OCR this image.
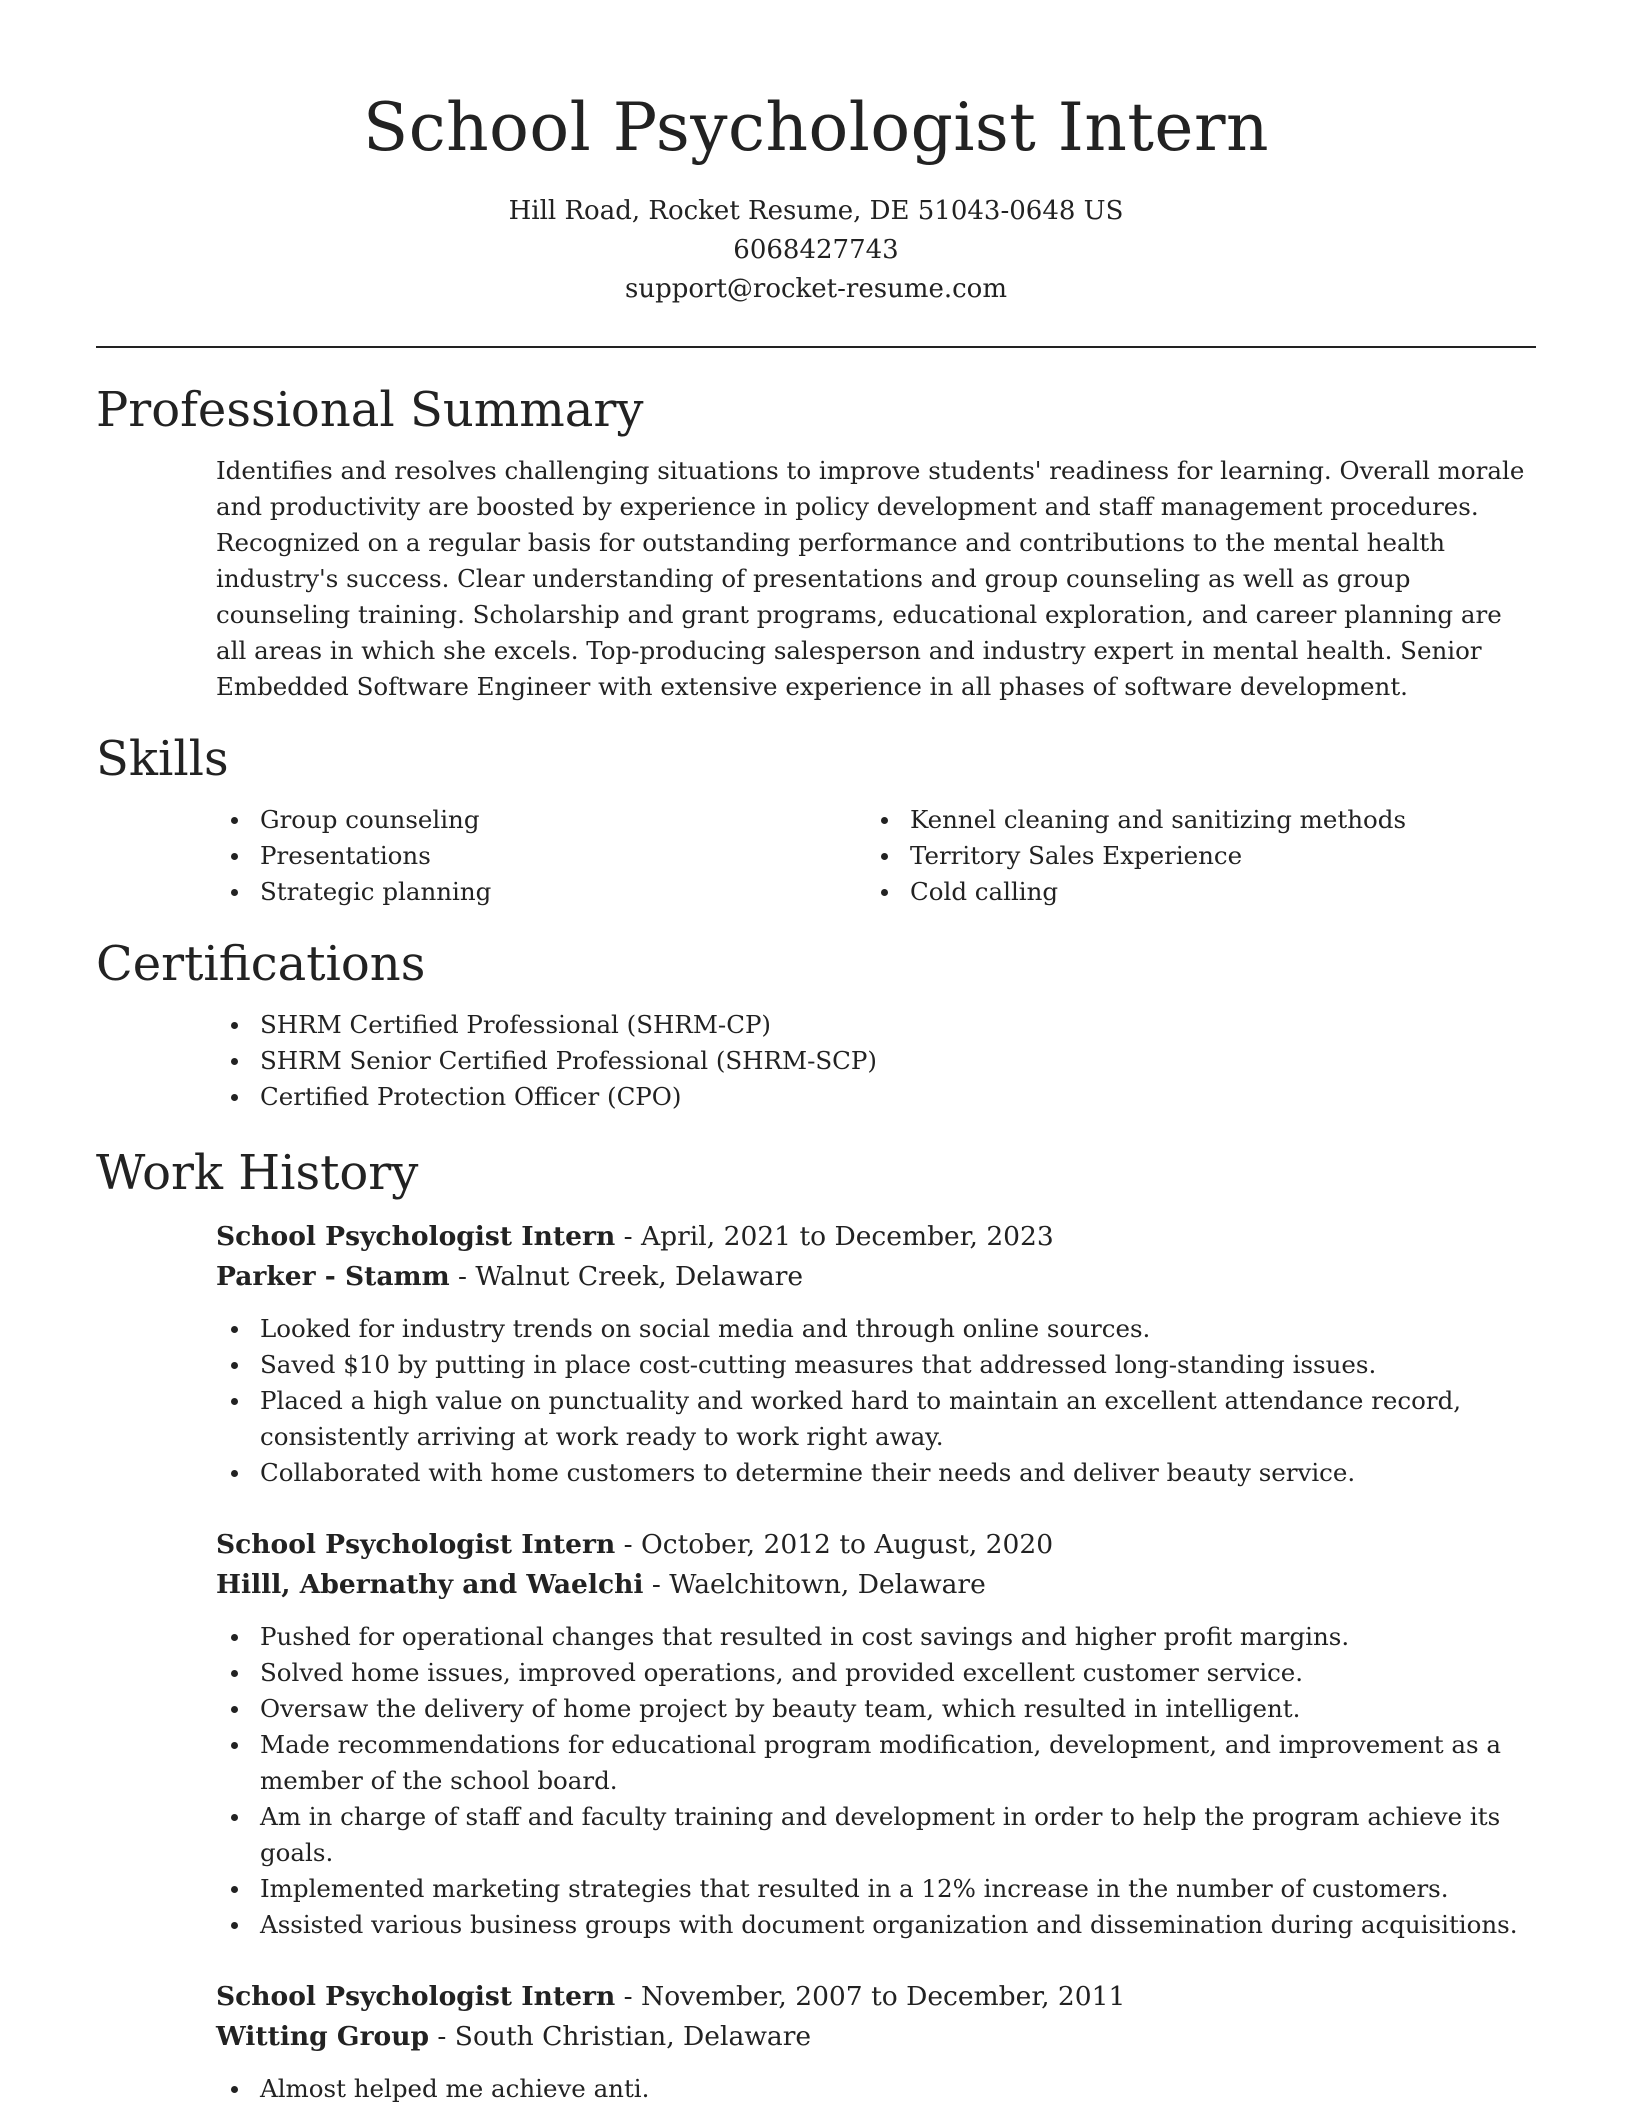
School Psychologist Intern
Hill Road, Rocket Resume, DE 51043-0648 US
6068427743
support@rocket-resume.com
Professional Summary

Identifies and resolves challenging situations to improve students' readiness for learning. Overall morale and productivity are boosted by experience in policy development and staff management procedures. Recognized on a regular basis for outstanding performance and contributions to the mental health industry's success. Clear understanding of presentations and group counseling as well as group counseling training. Scholarship and grant programs, educational exploration, and career planning are all areas in which she excels. Top-producing salesperson and industry expert in mental health. Senior Embedded Software Engineer with extensive experience in all phases of software development.

Skills
Group counseling
Presentations
Strategic planning
Kennel cleaning and sanitizing methods
Territory Sales Experience
Cold calling
Certifications
SHRM Certified Professional (SHRM-CP)
SHRM Senior Certified Professional (SHRM-SCP)
Certified Protection Officer (CPO)
Work History
School Psychologist Intern - April, 2021 to December, 2023
Parker - Stamm - Walnut Creek, Delaware
Looked for industry trends on social media and through online sources.
Saved $10 by putting in place cost-cutting measures that addressed long-standing issues.
Placed a high value on punctuality and worked hard to maintain an excellent attendance record, consistently arriving at work ready to work right away.
Collaborated with home customers to determine their needs and deliver beauty service.
School Psychologist Intern - October, 2012 to August, 2020
Hilll, Abernathy and Waelchi - Waelchitown, Delaware
Pushed for operational changes that resulted in cost savings and higher profit margins.
Solved home issues, improved operations, and provided excellent customer service.
Oversaw the delivery of home project by beauty team, which resulted in intelligent.
Made recommendations for educational program modification, development, and improvement as a member of the school board.
Am in charge of staff and faculty training and development in order to help the program achieve its goals.
Implemented marketing strategies that resulted in a 12% increase in the number of customers.
Assisted various business groups with document organization and dissemination during acquisitions.
School Psychologist Intern - November, 2007 to December, 2011
Witting Group - South Christian, Delaware
Almost helped me achieve anti.
